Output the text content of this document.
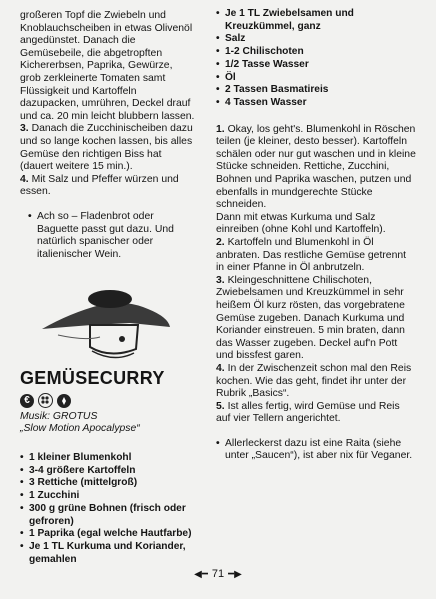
großeren Topf die Zwiebeln und Knoblauchscheiben in etwas Olivenöl angedünstet. Danach die Gemüsebeile, die abgetropften Kichererbsen, Paprika, Gewürze, grob zerkleinerte Tomaten samt Flüssigkeit und Kartoffeln dazupacken, umrühren, Deckel drauf und ca. 20 min leicht blubbern lassen.

3. Danach die Zucchinischeiben dazu und so lange kochen lassen, bis alles Gemüse den richtigen Biss hat (dauert weitere 15 min.).

4. Mit Salz und Pfeffer würzen und essen.

• Ach so – Fladenbrot oder Baguette passt gut dazu. Und natürlich spanischer oder italienischer Wein.

GEMÜSECURRY
€

Musik: GROTUS

„Slow Motion Apocalypse“

• 1 kleiner Blumenkohl
• 3-4 größere Kartoffeln
• 3 Rettiche (mittelgroß)
• 1 Zucchini
• 300 g grüne Bohnen (frisch oder gefroren)
• 1 Paprika (egal welche Hautfarbe)
• Je 1 TL Kurkuma und Koriander, gemahlen
• Je 1 TL Zwiebelsamen und Kreuzkümmel, ganz
• Salz
• 1-2 Chilischoten
• 1/2 Tasse Wasser
• Öl
• 2 Tassen Basmatireis
• 4 Tassen Wasser

1. Okay, los geht's. Blumenkohl in Röschen teilen (je kleiner, desto besser). Kartoffeln schälen oder nur gut waschen und in kleine Stücke schneiden. Rettiche, Zucchini, Bohnen und Paprika waschen, putzen und ebenfalls in mundgerechte Stücke schneiden.

Dann mit etwas Kurkuma und Salz einreiben (ohne Kohl und Kartoffeln).

2. Kartoffeln und Blumenkohl in Öl anbraten. Das restliche Gemüse getrennt in einer Pfanne in Öl anbrutzeln.

3. Kleingeschnittene Chilischoten, Zwiebelsamen und Kreuzkümmel in sehr heißem Öl kurz rösten, das vorgebratene Gemüse zugeben. Danach Kurkuma und Koriander einstreuen. 5 min braten, dann das Wasser zugeben. Deckel auf'n Pott und bissfest garen.

4. In der Zwischenzeit schon mal den Reis kochen. Wie das geht, findet ihr unter der Rubrik „Basics“.

5. Ist alles fertig, wird Gemüse und Reis auf vier Tellern angerichtet.

• Allerleckerst dazu ist eine Raita (siehe unter „Saucen“), ist aber nix für Veganer.

◀━ 71 ━▶
